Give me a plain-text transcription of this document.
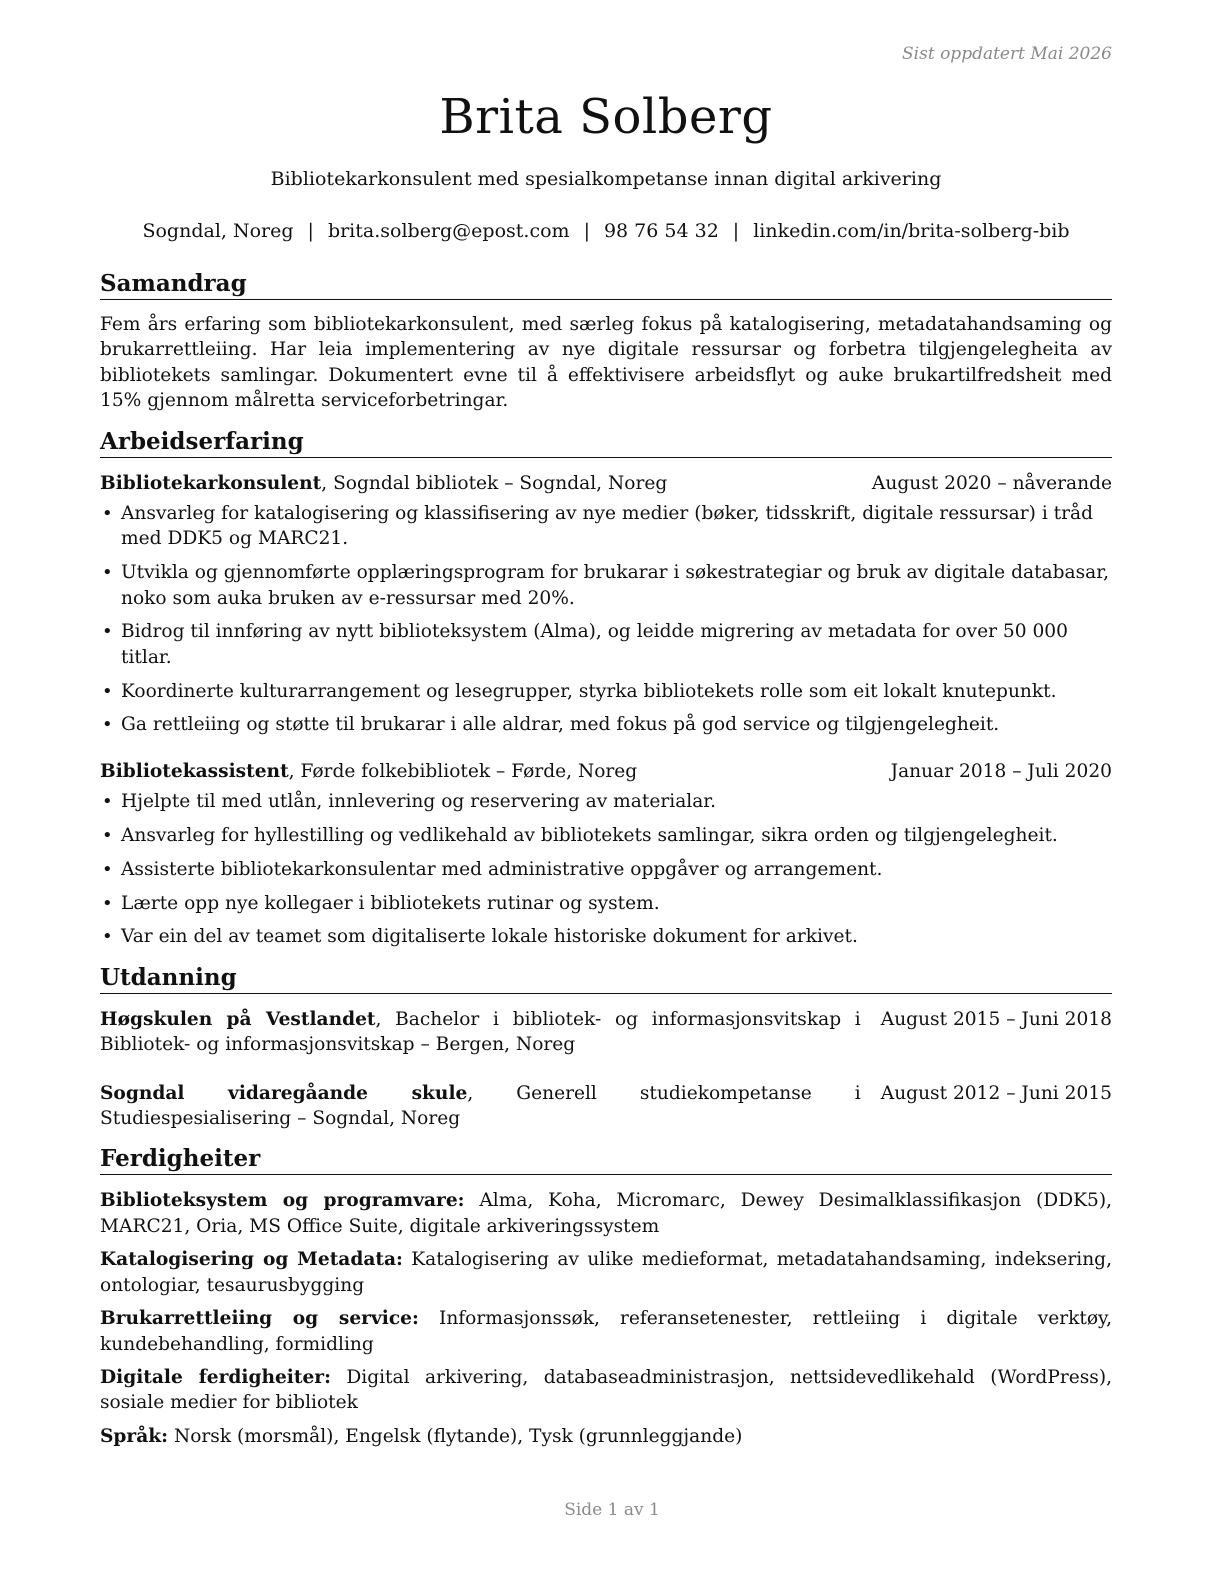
Sist oppdatert Mai 2026
Brita Solberg
Bibliotekarkonsulent med spesialkompetanse innan digital arkivering
Sogndal, Noreg | brita.solberg@epost.com | 98 76 54 32 | linkedin.com/in/brita-solberg-bib
Samandrag

Fem års erfaring som bibliotekarkonsulent, med særleg fokus på katalogisering, metadatahandsaming og brukarrettleiing. Har leia implementering av nye digitale ressursar og forbetra tilgjengelegheita av bibliotekets samlingar. Dokumentert evne til å effektivisere arbeidsflyt og auke brukartilfredsheit med 15% gjennom målretta serviceforbetringar.

Arbeidserfaring
Bibliotekarkonsulent, Sogndal bibliotek – Sogndal, Noreg	August 2020 – nåverande
• Ansvarleg for katalogisering og klassifisering av nye medier (bøker, tidsskrift, digitale ressursar) i tråd med DDK5 og MARC21.
• Utvikla og gjennomførte opplæringsprogram for brukarar i søkestrategiar og bruk av digitale databasar, noko som auka bruken av e-ressursar med 20%.
• Bidrog til innføring av nytt biblioteksystem (Alma), og leidde migrering av metadata for over 50 000 titlar.
• Koordinerte kulturarrangement og lesegrupper, styrka bibliotekets rolle som eit lokalt knutepunkt.
• Ga rettleiing og støtte til brukarar i alle aldrar, med fokus på god service og tilgjengelegheit.
Bibliotekassistent, Førde folkebibliotek – Førde, Noreg	Januar 2018 – Juli 2020
• Hjelpte til med utlån, innlevering og reservering av materialar.
• Ansvarleg for hyllestilling og vedlikehald av bibliotekets samlingar, sikra orden og tilgjengelegheit.
• Assisterte bibliotekarkonsulentar med administrative oppgåver og arrangement.
• Lærte opp nye kollegaer i bibliotekets rutinar og system.
• Var ein del av teamet som digitaliserte lokale historiske dokument for arkivet.
Utdanning
Høgskulen på Vestlandet, Bachelor i bibliotek- og informasjonsvitskap i Bibliotek- og informasjonsvitskap – Bergen, Noreg
August 2015 – Juni 2018
Sogndal vidaregåande skule, Generell studiekompetanse i Studiespesialisering – Sogndal, Noreg
August 2012 – Juni 2015
Ferdigheiter
Biblioteksystem og programvare: Alma, Koha, Micromarc, Dewey Desimalklassifikasjon (DDK5), MARC21, Oria, MS Office Suite, digitale arkiveringssystem
Katalogisering og Metadata: Katalogisering av ulike medieformat, metadatahandsaming, indeksering, ontologiar, tesaurusbygging
Brukarrettleiing og service: Informasjonssøk, referansetenester, rettleiing i digitale verktøy, kundebehandling, formidling
Digitale ferdigheiter: Digital arkivering, databaseadministrasjon, nettsidevedlikehald (WordPress), sosiale medier for bibliotek
Språk: Norsk (morsmål), Engelsk (flytande), Tysk (grunnleggjande)
Side 1 av 1
